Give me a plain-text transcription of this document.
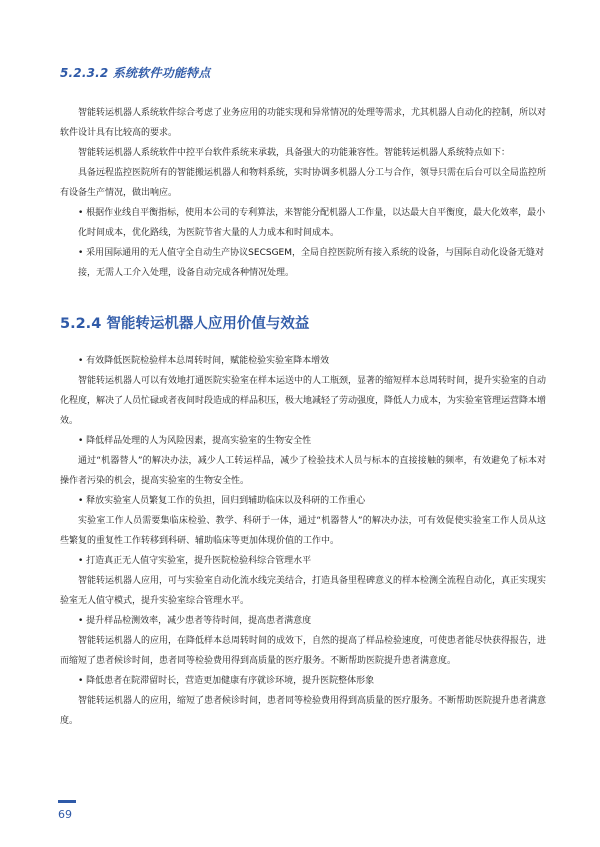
5.2.3.2 系统软件功能特点

智能转运机器人系统软件综合考虑了业务应用的功能实现和异常情况的处理等需求，尤其机器人自动化的控制，所以对软件设计具有比较高的要求。

智能转运机器人系统软件中控平台软件系统来承载，具备强大的功能兼容性。智能转运机器人系统特点如下：

具备远程监控医院所有的智能搬运机器人和物料系统，实时协调多机器人分工与合作，领导只需在后台可以全局监控所有设备生产情况，做出响应。

• 根据作业线自平衡指标，使用本公司的专利算法，来智能分配机器人工作量，以达最大自平衡度，最大化效率，最小化时间成本，优化路线，为医院节省大量的人力成本和时间成本。

• 采用国际通用的无人值守全自动生产协议SECSGEM，全局自控医院所有接入系统的设备，与国际自动化设备无缝对接，无需人工介入处理，设备自动完成各种情况处理。

5.2.4 智能转运机器人应用价值与效益

• 有效降低医院检验样本总周转时间，赋能检验实验室降本增效

智能转运机器人可以有效地打通医院实验室在样本运送中的人工瓶颈，显著的缩短样本总周转时间，提升实验室的自动化程度，解决了人员忙碌或者夜间时段造成的样品积压，极大地减轻了劳动强度，降低人力成本，为实验室管理运营降本增效。

• 降低样品处理的人为风险因素，提高实验室的生物安全性

通过“机器替人”的解决办法，减少人工转运样品，减少了检验技术人员与标本的直接接触的频率，有效避免了标本对操作者污染的机会，提高实验室的生物安全性。

• 释放实验室人员繁复工作的负担，回归到辅助临床以及科研的工作重心

实验室工作人员需要集临床检验、教学、科研于一体，通过“机器替人”的解决办法，可有效促使实验室工作人员从这些繁复的重复性工作转移到科研、辅助临床等更加体现价值的工作中。

• 打造真正无人值守实验室，提升医院检验科综合管理水平

智能转运机器人应用，可与实验室自动化流水线完美结合，打造具备里程碑意义的样本检测全流程自动化，真正实现实验室无人值守模式，提升实验室综合管理水平。

• 提升样品检测效率，减少患者等待时间，提高患者满意度

智能转运机器人的应用，在降低样本总周转时间的成效下，自然的提高了样品检验速度，可使患者能尽快获得报告，进而缩短了患者候诊时间，患者同等检验费用得到高质量的医疗服务。不断帮助医院提升患者满意度。

• 降低患者在院滞留时长，营造更加健康有序就诊环境，提升医院整体形象

智能转运机器人的应用，缩短了患者候诊时间，患者同等检验费用得到高质量的医疗服务。不断帮助医院提升患者满意度。

69
